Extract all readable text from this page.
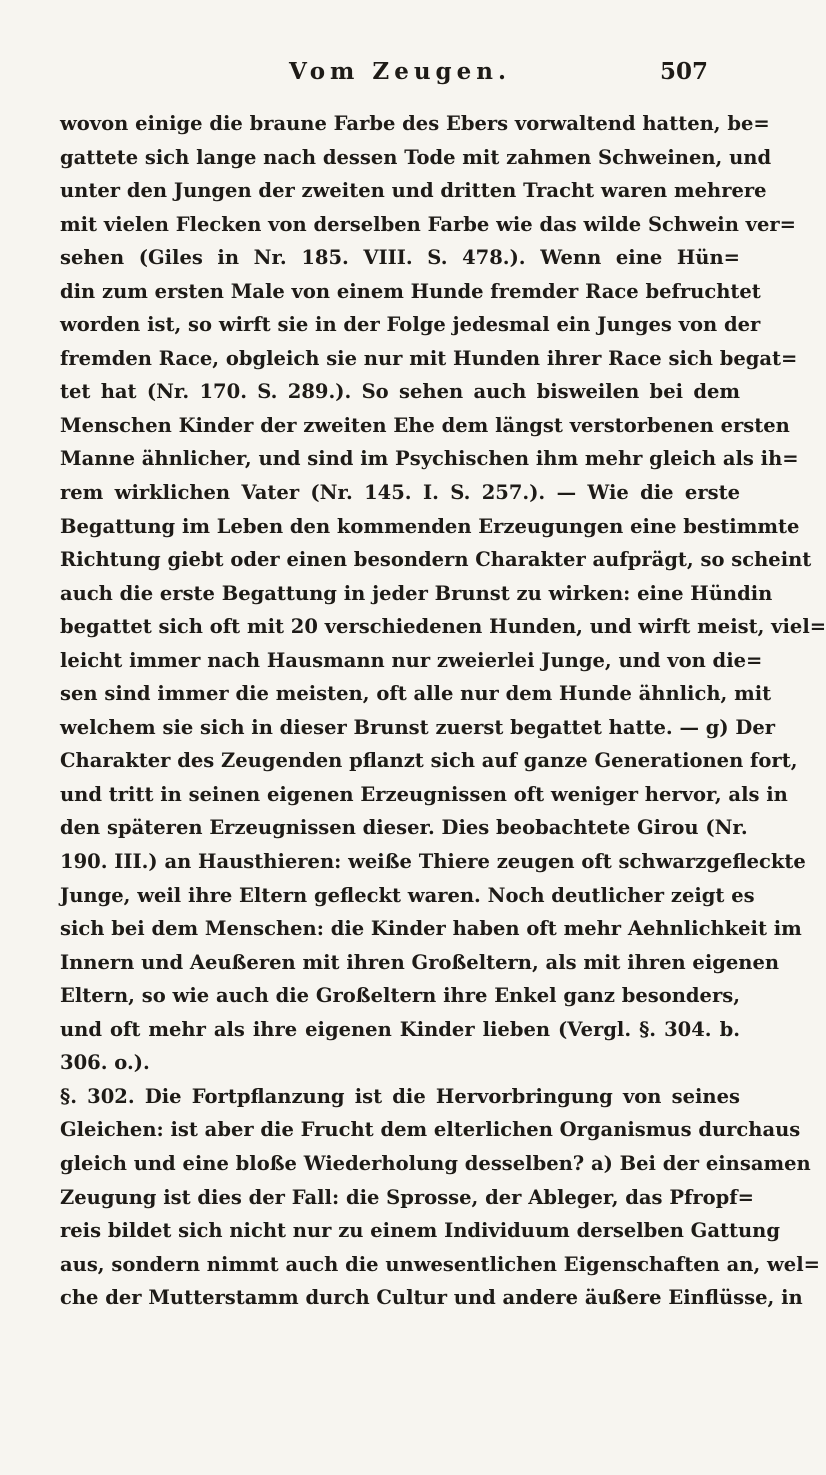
Vom Zeugen.	507
wovon einige die braune Farbe des Ebers vorwaltend hatten, be=
gattete sich lange nach dessen Tode mit zahmen Schweinen, und
unter den Jungen der zweiten und dritten Tracht waren mehrere
mit vielen Flecken von derselben Farbe wie das wilde Schwein ver=
sehen (Giles in Nr. 185. VIII. S. 478.). Wenn eine Hün=
din zum ersten Male von einem Hunde fremder Race befruchtet
worden ist, so wirft sie in der Folge jedesmal ein Junges von der
fremden Race, obgleich sie nur mit Hunden ihrer Race sich begat=
tet hat (Nr. 170. S. 289.). So sehen auch bisweilen bei dem
Menschen Kinder der zweiten Ehe dem längst verstorbenen ersten
Manne ähnlicher, und sind im Psychischen ihm mehr gleich als ih=
rem wirklichen Vater (Nr. 145. I. S. 257.). — Wie die erste
Begattung im Leben den kommenden Erzeugungen eine bestimmte
Richtung giebt oder einen besondern Charakter aufprägt, so scheint
auch die erste Begattung in jeder Brunst zu wirken: eine Hündin
begattet sich oft mit 20 verschiedenen Hunden, und wirft meist, viel=
leicht immer nach Hausmann nur zweierlei Junge, und von die=
sen sind immer die meisten, oft alle nur dem Hunde ähnlich, mit
welchem sie sich in dieser Brunst zuerst begattet hatte. — g) Der
Charakter des Zeugenden pflanzt sich auf ganze Generationen fort,
und tritt in seinen eigenen Erzeugnissen oft weniger hervor, als in
den späteren Erzeugnissen dieser. Dies beobachtete Girou (Nr.
190. III.) an Hausthieren: weiße Thiere zeugen oft schwarzgefleckte
Junge, weil ihre Eltern gefleckt waren. Noch deutlicher zeigt es
sich bei dem Menschen: die Kinder haben oft mehr Aehnlichkeit im
Innern und Aeußeren mit ihren Großeltern, als mit ihren eigenen
Eltern, so wie auch die Großeltern ihre Enkel ganz besonders,
und oft mehr als ihre eigenen Kinder lieben (Vergl. §. 304. b.
306. o.).
§. 302. Die Fortpflanzung ist die Hervorbringung von seines
Gleichen: ist aber die Frucht dem elterlichen Organismus durchaus
gleich und eine bloße Wiederholung desselben? a) Bei der einsamen
Zeugung ist dies der Fall: die Sprosse, der Ableger, das Pfropf=
reis bildet sich nicht nur zu einem Individuum derselben Gattung
aus, sondern nimmt auch die unwesentlichen Eigenschaften an, wel=
che der Mutterstamm durch Cultur und andere äußere Einflüsse, in
